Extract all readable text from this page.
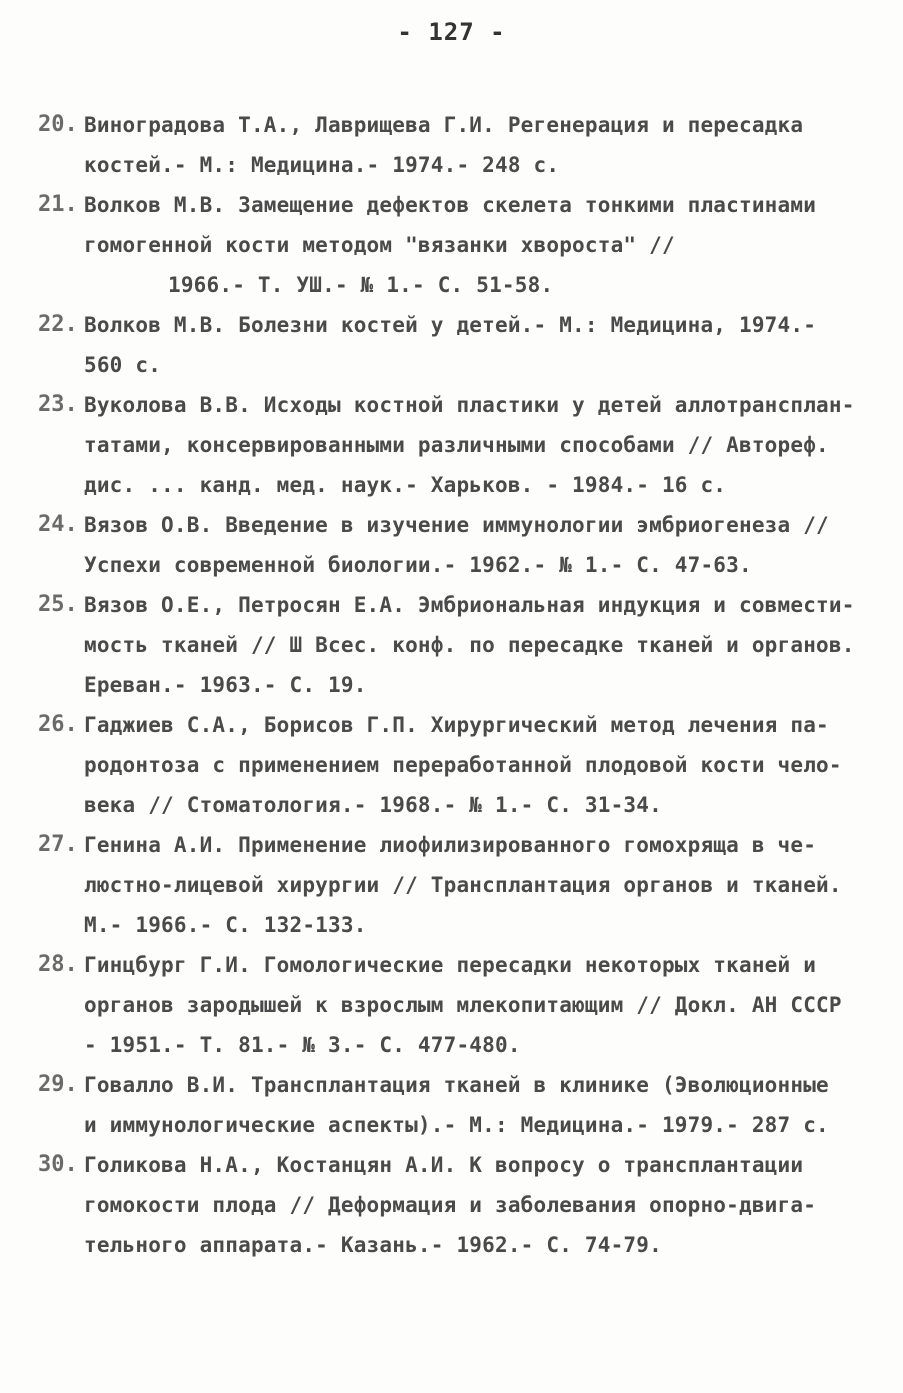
- 127 -
20. Виноградова Т.А., Лаврищева Г.И. Регенерация и пересадка
костей.- М.: Медицина.- 1974.- 248 с.
21. Волков М.В. Замещение дефектов скелета тонкими пластинами
гомогенной кости методом "вязанки хвороста" //
1966.- Т. УШ.- № 1.- С. 51-58.
22. Волков М.В. Болезни костей у детей.- М.: Медицина, 1974.-
560 с.
23. Вуколова В.В. Исходы костной пластики у детей аллотрансплан-
татами, консервированными различными способами // Автореф.
дис. ... канд. мед. наук.- Харьков. - 1984.- 16 с.
24. Вязов О.В. Введение в изучение иммунологии эмбриогенеза //
Успехи современной биологии.- 1962.- № 1.- С. 47-63.
25. Вязов О.Е., Петросян Е.А. Эмбриональная индукция и совмести-
мость тканей // Ш Всес. конф. по пересадке тканей и органов.
Ереван.- 1963.- С. 19.
26. Гаджиев С.А., Борисов Г.П. Хирургический метод лечения па-
родонтоза с применением переработанной плодовой кости чело-
века // Стоматология.- 1968.- № 1.- С. 31-34.
27. Генина А.И. Применение лиофилизированного гомохряща в че-
люстно-лицевой хирургии // Трансплантация органов и тканей.
М.- 1966.- С. 132-133.
28. Гинцбург Г.И. Гомологические пересадки некоторых тканей и
органов зародышей к взрослым млекопитающим // Докл. АН СССР
- 1951.- Т. 81.- № 3.- С. 477-480.
29. Говалло В.И. Трансплантация тканей в клинике (Эволюционные
и иммунологические аспекты).- М.: Медицина.- 1979.- 287 с.
30. Голикова Н.А., Костанцян А.И. К вопросу о трансплантации
гомокости плода // Деформация и заболевания опорно-двига-
тельного аппарата.- Казань.- 1962.- С. 74-79.
